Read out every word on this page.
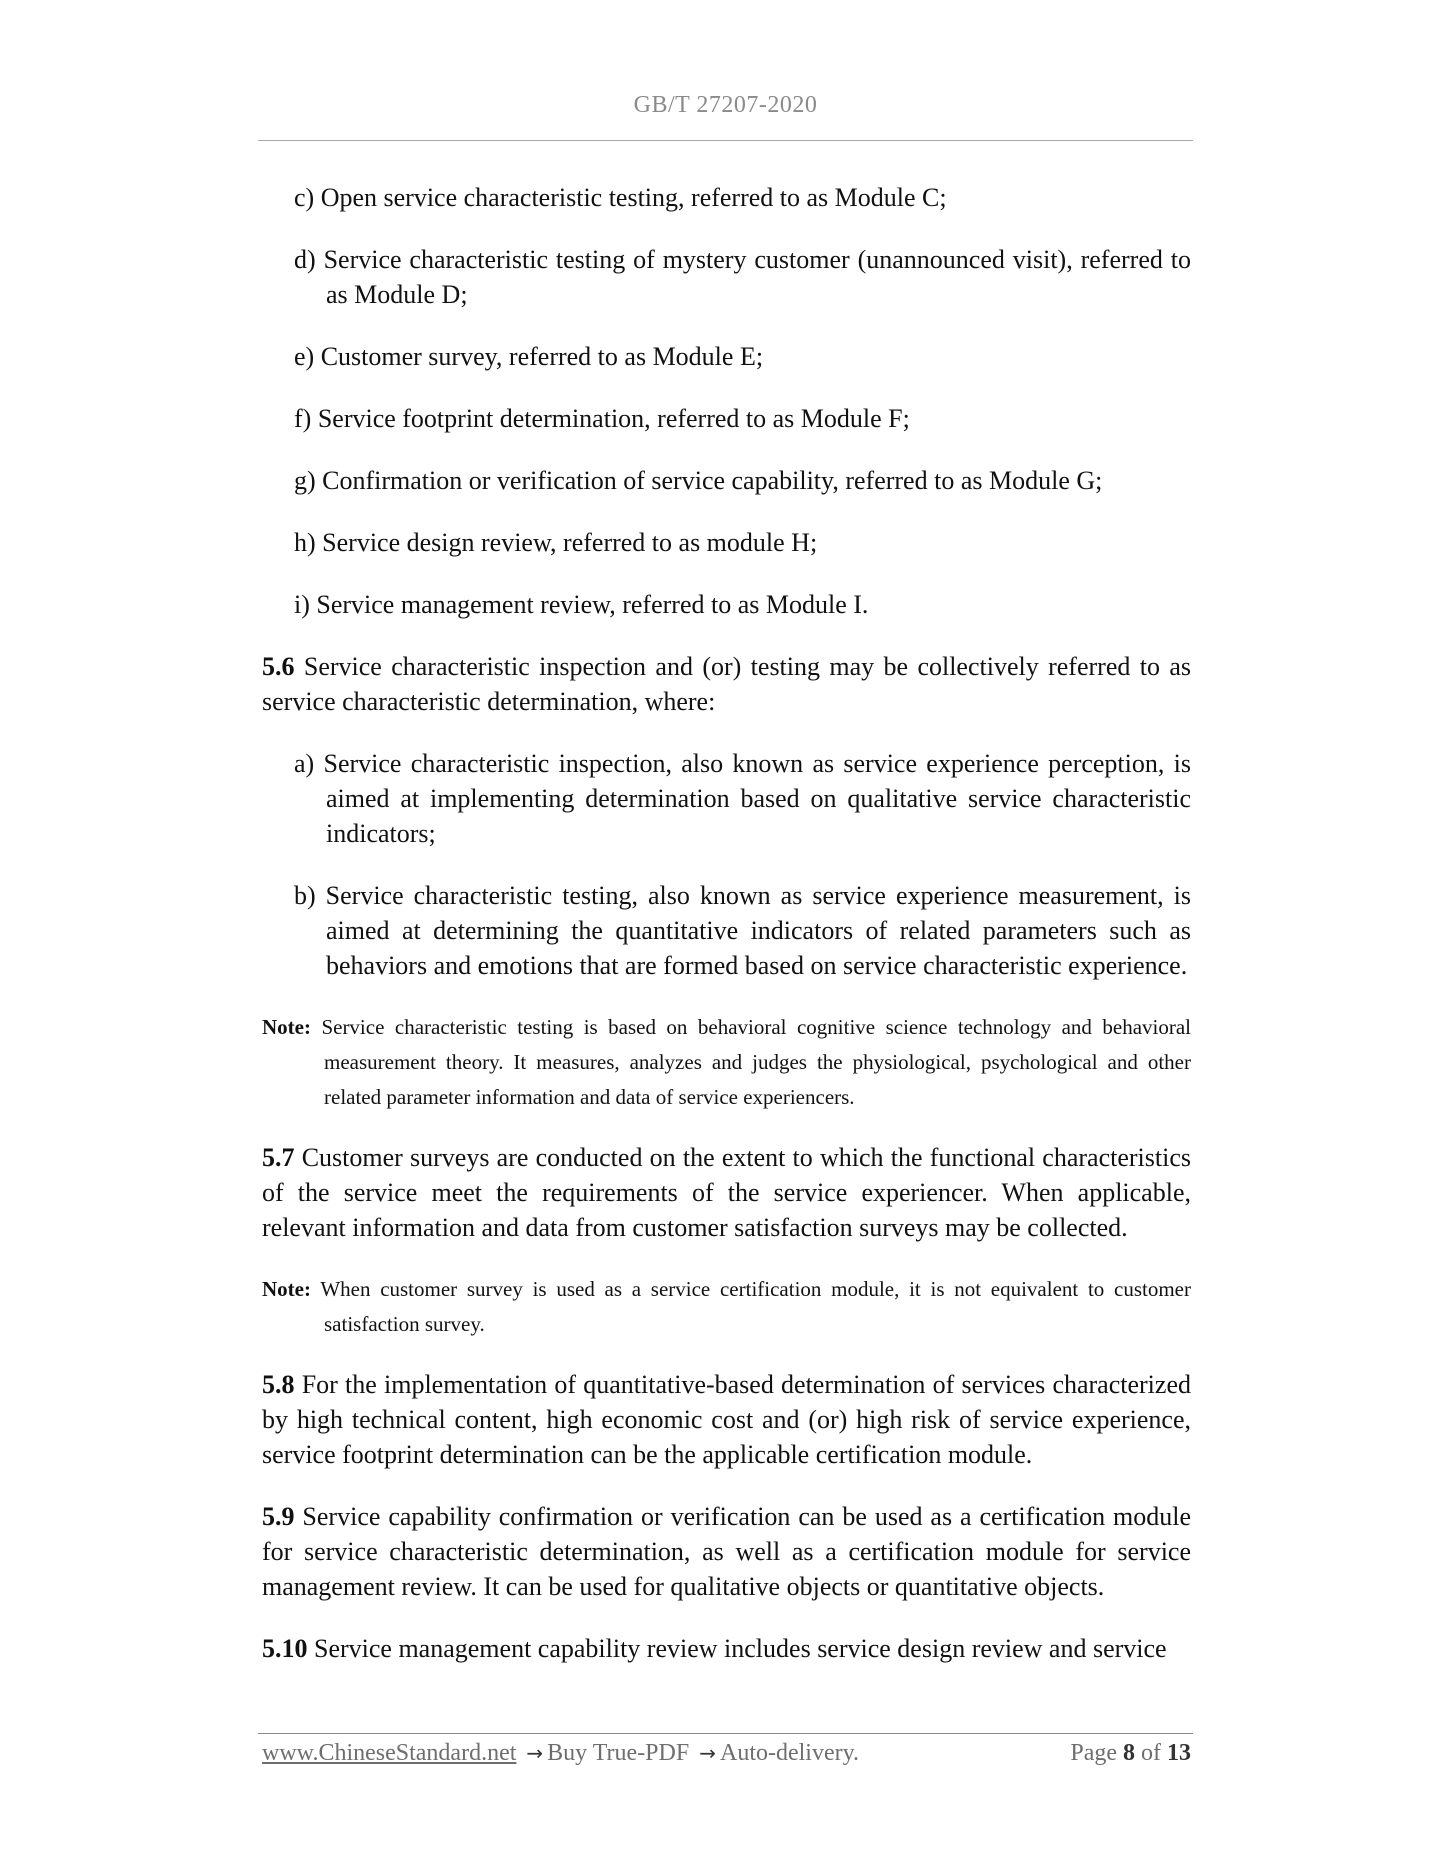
GB/T 27207-2020
c) Open service characteristic testing, referred to as Module C;
d) Service characteristic testing of mystery customer (unannounced visit), referred to as Module D;
e) Customer survey, referred to as Module E;
f) Service footprint determination, referred to as Module F;
g) Confirmation or verification of service capability, referred to as Module G;
h) Service design review, referred to as module H;
i) Service management review, referred to as Module I.
5.6 Service characteristic inspection and (or) testing may be collectively referred to as service characteristic determination, where:
a) Service characteristic inspection, also known as service experience perception, is aimed at implementing determination based on qualitative service characteristic indicators;
b) Service characteristic testing, also known as service experience measurement, is aimed at determining the quantitative indicators of related parameters such as behaviors and emotions that are formed based on service characteristic experience.
Note: Service characteristic testing is based on behavioral cognitive science technology and behavioral measurement theory. It measures, analyzes and judges the physiological, psychological and other related parameter information and data of service experiencers.
5.7 Customer surveys are conducted on the extent to which the functional characteristics of the service meet the requirements of the service experiencer. When applicable, relevant information and data from customer satisfaction surveys may be collected.
Note: When customer survey is used as a service certification module, it is not equivalent to customer satisfaction survey.
5.8 For the implementation of quantitative-based determination of services characterized by high technical content, high economic cost and (or) high risk of service experience, service footprint determination can be the applicable certification module.
5.9 Service capability confirmation or verification can be used as a certification module for service characteristic determination, as well as a certification module for service management review. It can be used for qualitative objects or quantitative objects.
5.10 Service management capability review includes service design review and service
www.ChineseStandard.net → Buy True-PDF → Auto-delivery.	Page 8 of 13
